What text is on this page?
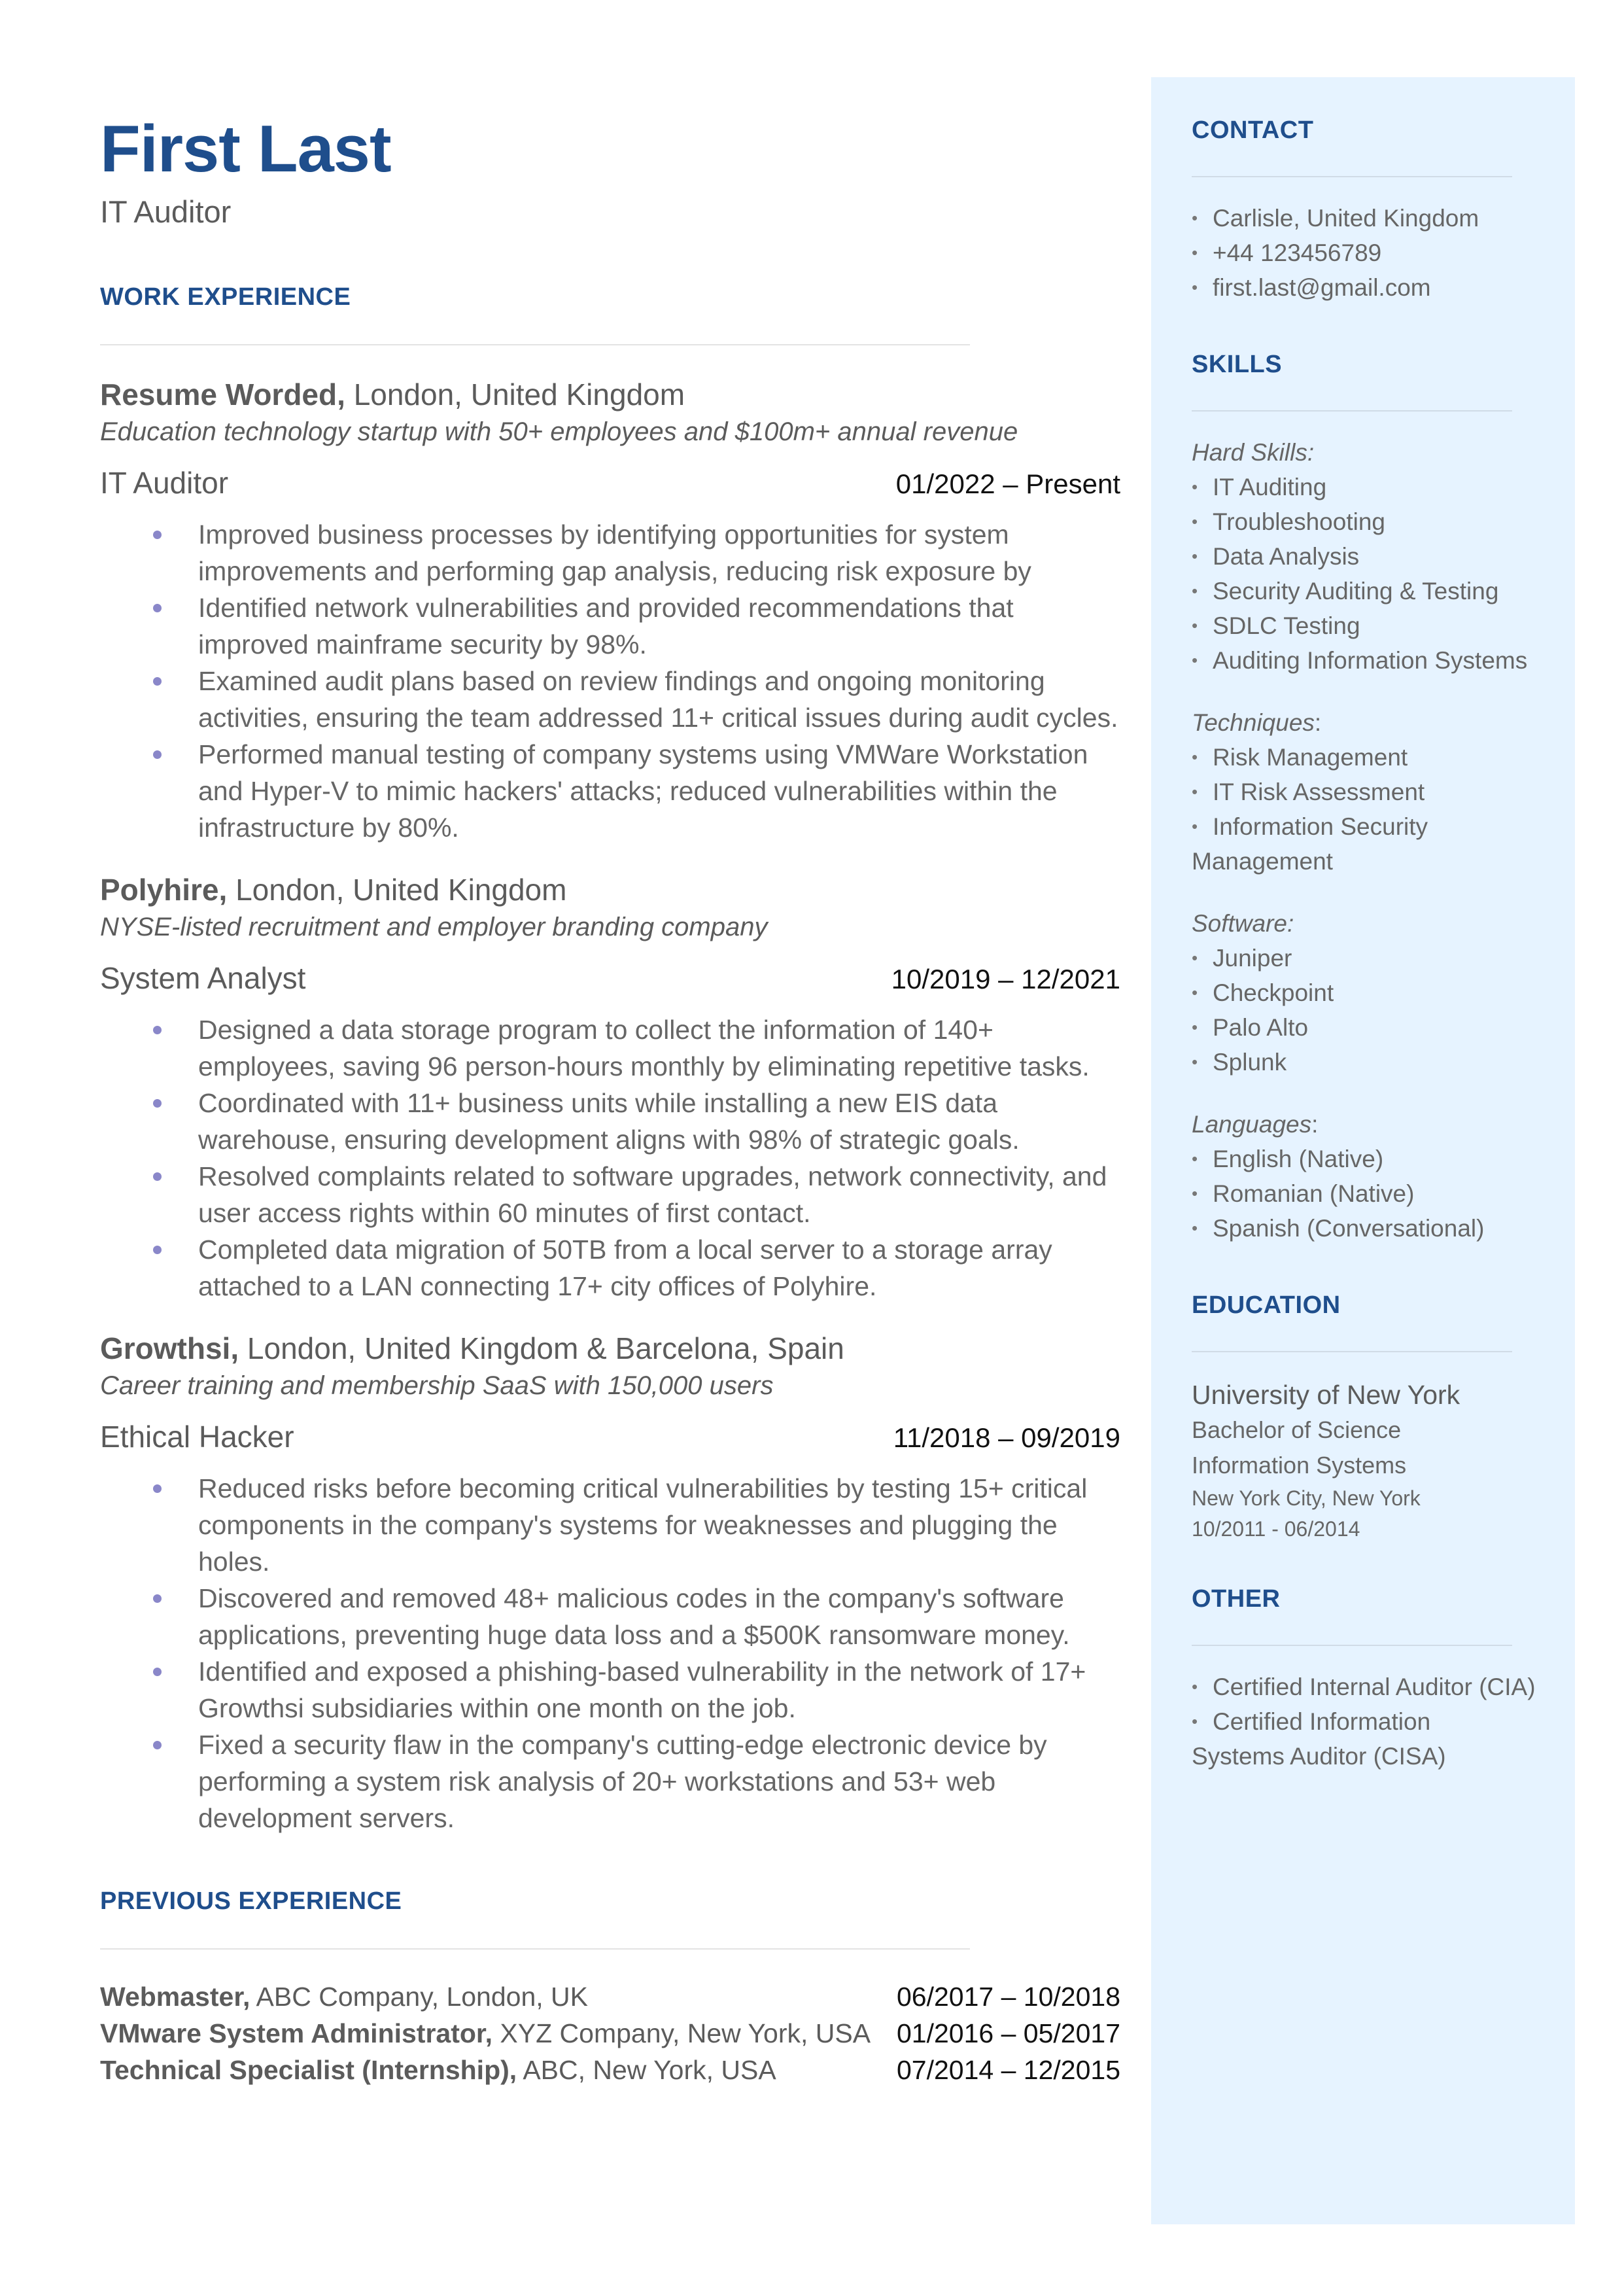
First Last
IT Auditor
WORK EXPERIENCE
Resume Worded, London, United Kingdom
Education technology startup with 50+ employees and $100m+ annual revenue
IT Auditor	01/2022 – Present
Improved business processes by identifying opportunities for system improvements and performing gap analysis, reducing risk exposure by
Identified network vulnerabilities and provided recommendations that improved mainframe security by 98%.
Examined audit plans based on review findings and ongoing monitoring activities, ensuring the team addressed 11+ critical issues during audit cycles.
Performed manual testing of company systems using VMWare Workstation and Hyper-V to mimic hackers' attacks; reduced vulnerabilities within the infrastructure by 80%.
Polyhire, London, United Kingdom
NYSE-listed recruitment and employer branding company
System Analyst	10/2019 – 12/2021
Designed a data storage program to collect the information of 140+ employees, saving 96 person-hours monthly by eliminating repetitive tasks.
Coordinated with 11+ business units while installing a new EIS data warehouse, ensuring development aligns with 98% of strategic goals.
Resolved complaints related to software upgrades, network connectivity, and user access rights within 60 minutes of first contact.
Completed data migration of 50TB from a local server to a storage array attached to a LAN connecting 17+ city offices of Polyhire.
Growthsi, London, United Kingdom & Barcelona, Spain
Career training and membership SaaS with 150,000 users
Ethical Hacker	11/2018 – 09/2019
Reduced risks before becoming critical vulnerabilities by testing 15+ critical components in the company's systems for weaknesses and plugging the holes.
Discovered and removed 48+ malicious codes in the company's software applications, preventing huge data loss and a $500K ransomware money.
Identified and exposed a phishing-based vulnerability in the network of 17+ Growthsi subsidiaries within one month on the job.
Fixed a security flaw in the company's cutting-edge electronic device by performing a system risk analysis of 20+ workstations and 53+ web development servers.
PREVIOUS EXPERIENCE
Webmaster, ABC Company, London, UK	06/2017 – 10/2018
VMware System Administrator, XYZ Company, New York, USA 01/2016 – 05/2017
Technical Specialist (Internship), ABC, New York, USA	07/2014 – 12/2015
CONTACT
• Carlisle, United Kingdom
• +44 123456789
• first.last@gmail.com
SKILLS
Hard Skills:
• IT Auditing
• Troubleshooting
• Data Analysis
• Security Auditing & Testing
• SDLC Testing
• Auditing Information Systems
Techniques:
• Risk Management
• IT Risk Assessment
• Information Security
Management
Software:
• Juniper
• Checkpoint
• Palo Alto
• Splunk
Languages:
• English (Native)
• Romanian (Native)
• Spanish (Conversational)
EDUCATION
University of New York
Bachelor of Science
Information Systems
New York City, New York
10/2011 - 06/2014
OTHER
• Certified Internal Auditor (CIA)
• Certified Information
Systems Auditor (CISA)
